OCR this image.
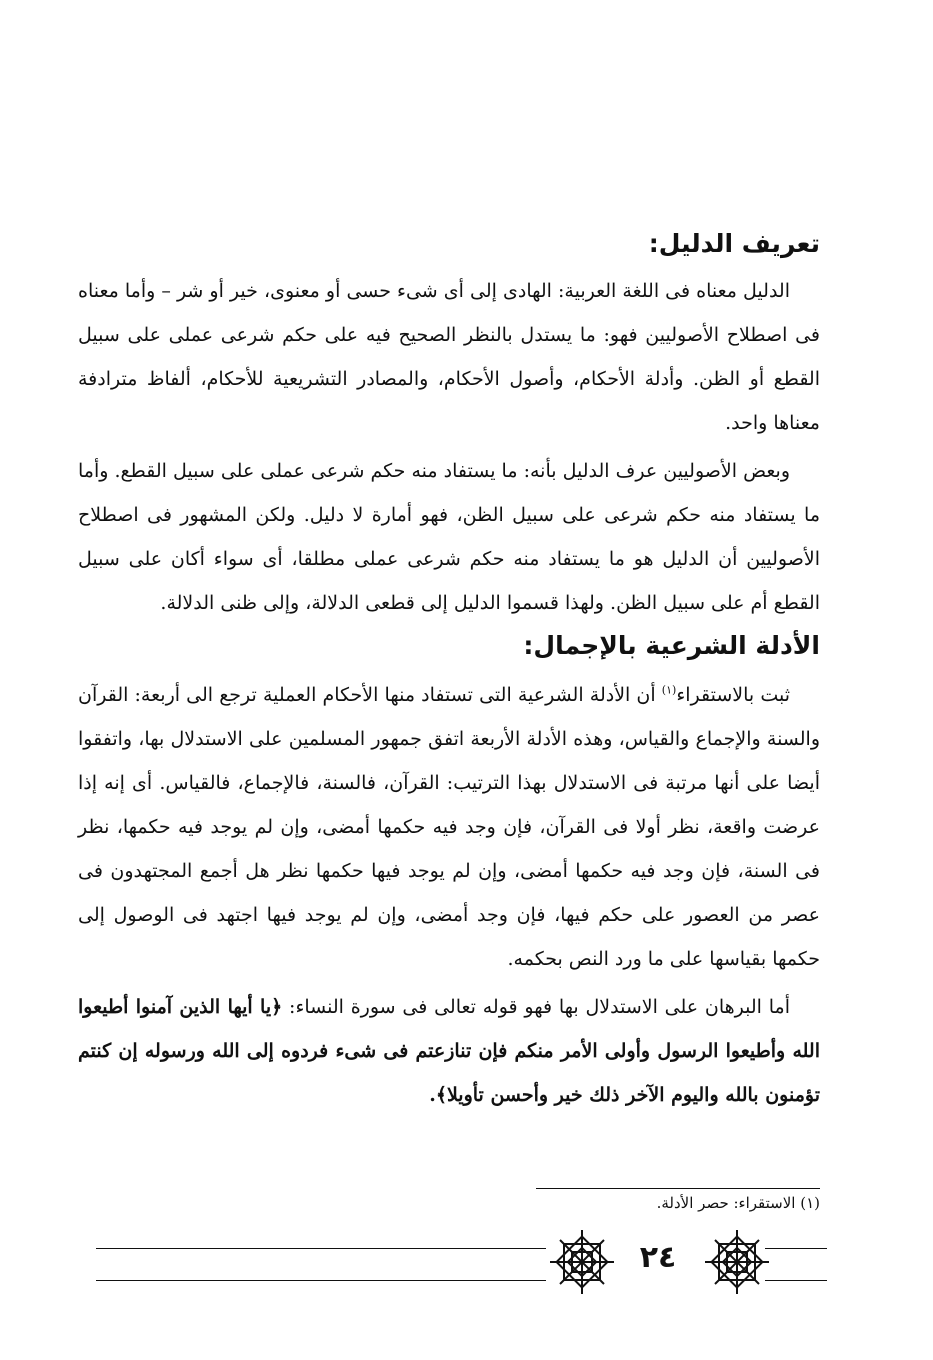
تعريف الدليل:

الدليل معناه فى اللغة العربية: الهادى إلى أى شىء حسى أو معنوى، خير أو شر – وأما معناه فى اصطلاح الأصوليين فهو: ما يستدل بالنظر الصحيح فيه على حكم شرعى عملى على سبيل القطع أو الظن. وأدلة الأحكام، وأصول الأحكام، والمصادر التشريعية للأحكام، ألفاظ مترادفة معناها واحد.

وبعض الأصوليين عرف الدليل بأنه: ما يستفاد منه حكم شرعى عملى على سبيل القطع. وأما ما يستفاد منه حكم شرعى على سبيل الظن، فهو أمارة لا دليل. ولكن المشهور فى اصطلاح الأصوليين أن الدليل هو ما يستفاد منه حكم شرعى عملى مطلقا، أى سواء أكان على سبيل القطع أم على سبيل الظن. ولهذا قسموا الدليل إلى قطعى الدلالة، وإلى ظنى الدلالة.

الأدلة الشرعية بالإجمال:

ثبت بالاستقراء$^{(١)}$ أن الأدلة الشرعية التى تستفاد منها الأحكام العملية ترجع الى أربعة: القرآن والسنة والإجماع والقياس، وهذه الأدلة الأربعة اتفق جمهور المسلمين على الاستدلال بها، واتفقوا أيضا على أنها مرتبة فى الاستدلال بهذا الترتيب: القرآن، فالسنة، فالإجماع، فالقياس. أى إنه إذا عرضت واقعة، نظر أولا فى القرآن، فإن وجد فيه حكمها أمضى، وإن لم يوجد فيه حكمها، نظر فى السنة، فإن وجد فيه حكمها أمضى، وإن لم يوجد فيها حكمها نظر هل أجمع المجتهدون فى عصر من العصور على حكم فيها، فإن وجد أمضى، وإن لم يوجد فيها اجتهد فى الوصول إلى حكمها بقياسها على ما ورد النص بحكمه.

أما البرهان على الاستدلال بها فهو قوله تعالى فى سورة النساء: ﴿يا أيها الذين آمنوا أطيعوا الله وأطيعوا الرسول وأولى الأمر منكم فإن تنازعتم فى شىء فردوه إلى الله ورسوله إن كنتم تؤمنون بالله واليوم الآخر ذلك خير وأحسن تأويلا﴾.

(١) الاستقراء: حصر الأدلة.
٢٤
